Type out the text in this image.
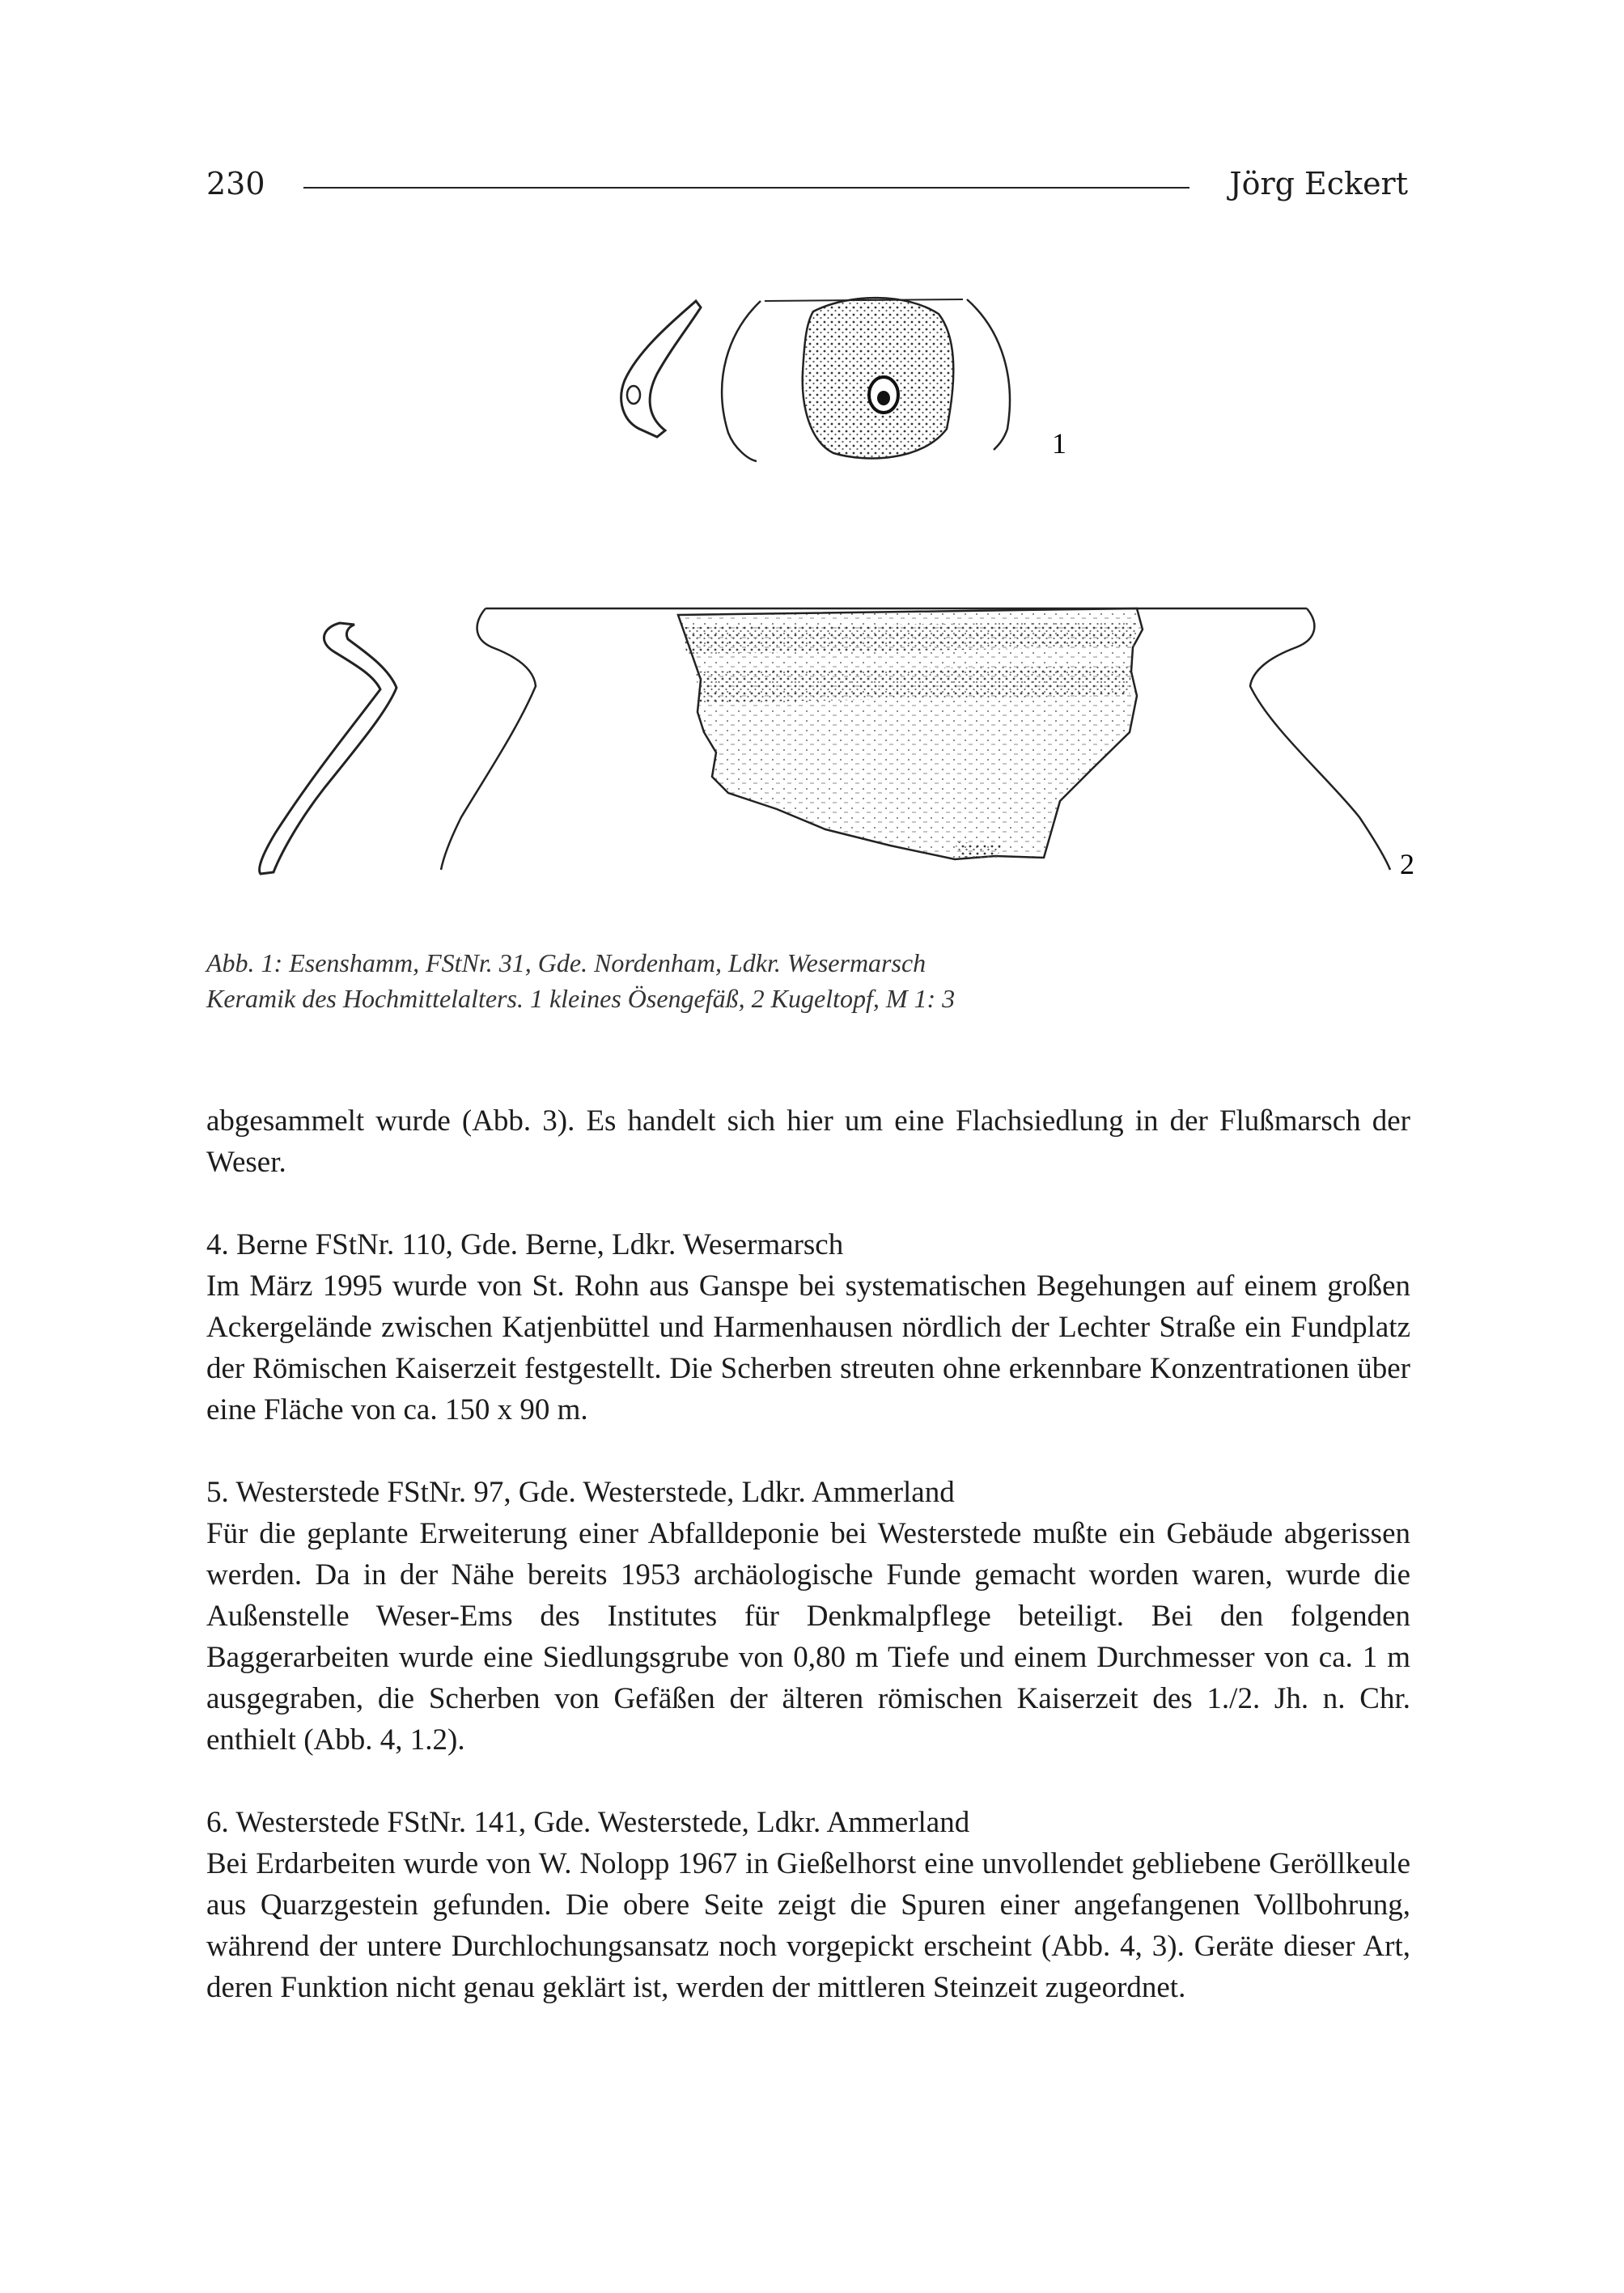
230	Jörg Eckert
1
2
Abb. 1: Esenshamm, FStNr. 31, Gde. Nordenham, Ldkr. Wesermarsch
Keramik des Hochmittelalters. 1 kleines Ösengefäß, 2 Kugeltopf, M 1: 3

abgesammelt wurde (Abb. 3). Es handelt sich hier um eine Flachsiedlung in der Flußmarsch der Weser.

4. Berne FStNr. 110, Gde. Berne, Ldkr. Wesermarsch
Im März 1995 wurde von St. Rohn aus Ganspe bei systematischen Begehungen auf einem großen Ackergelände zwischen Katjenbüttel und Harmenhausen nördlich der Lechter Straße ein Fundplatz der Römischen Kaiserzeit festgestellt. Die Scherben streuten ohne erkennbare Konzentrationen über eine Fläche von ca. 150 x 90 m.

5. Westerstede FStNr. 97, Gde. Westerstede, Ldkr. Ammerland
Für die geplante Erweiterung einer Abfalldeponie bei Westerstede mußte ein Gebäude abgerissen werden. Da in der Nähe bereits 1953 archäologische Funde gemacht worden waren, wurde die Außenstelle Weser-Ems des Institutes für Denkmalpflege beteiligt. Bei den folgenden Baggerarbeiten wurde eine Siedlungsgrube von 0,80 m Tiefe und einem Durchmesser von ca. 1 m ausgegraben, die Scherben von Gefäßen der älteren römischen Kaiserzeit des 1./2. Jh. n. Chr. enthielt (Abb. 4, 1.2).

6. Westerstede FStNr. 141, Gde. Westerstede, Ldkr. Ammerland
Bei Erdarbeiten wurde von W. Nolopp 1967 in Gießelhorst eine unvollendet gebliebene Geröllkeule aus Quarzgestein gefunden. Die obere Seite zeigt die Spuren einer angefangenen Vollbohrung, während der untere Durchlochungsansatz noch vorgepickt erscheint (Abb. 4, 3). Geräte dieser Art, deren Funktion nicht genau geklärt ist, werden der mittleren Steinzeit zugeordnet.
